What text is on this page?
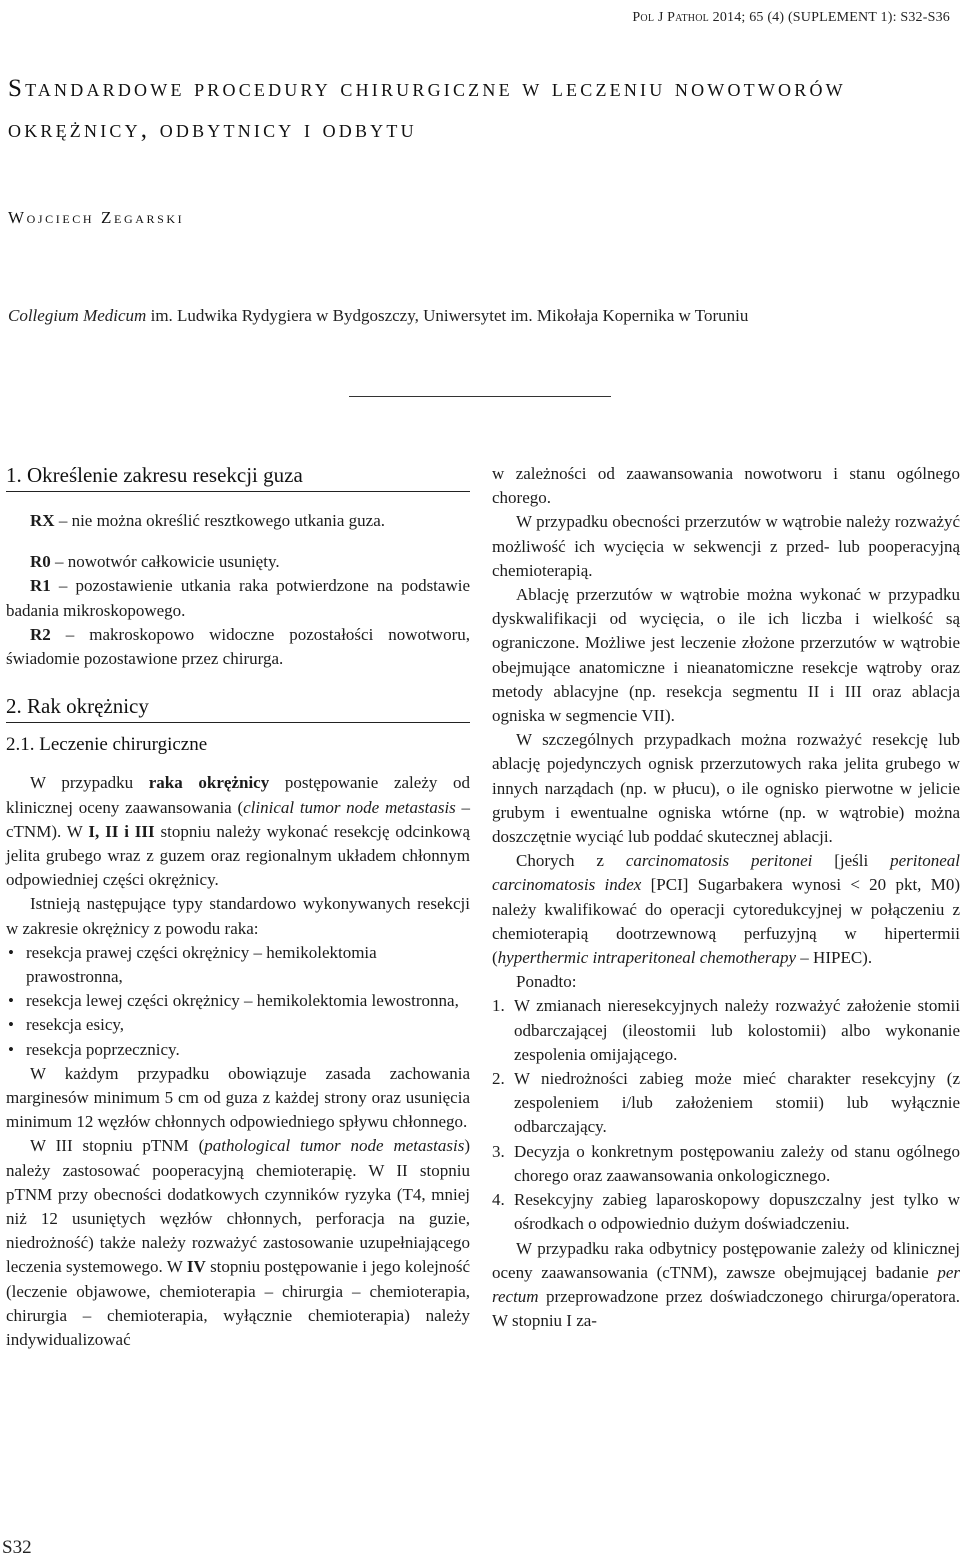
Pol J Pathol 2014; 65 (4) (SUPLEMENT 1): S32-S36
Standardowe procedury chirurgiczne w leczeniu nowotworów okrężnicy, odbytnicy i odbytu
Wojciech Zegarski
Collegium Medicum im. Ludwika Rydygiera w Bydgoszczy, Uniwersytet im. Mikołaja Kopernika w Toruniu
1. Określenie zakresu resekcji guza

RX – nie można określić resztkowego utkania guza.

R0 – nowotwór całkowicie usunięty.

R1 – pozostawienie utkania raka potwierdzone na podstawie badania mikroskopowego.

R2 – makroskopowo widoczne pozostałości nowotworu, świadomie pozostawione przez chirurga.

2. Rak okrężnicy
2.1. Leczenie chirurgiczne

W przypadku raka okrężnicy postępowanie zależy od klinicznej oceny zaawansowania (clinical tumor node metastasis – cTNM). W I, II i III stopniu należy wykonać resekcję odcinkową jelita grubego wraz z guzem oraz regionalnym układem chłonnym odpowiedniej części okrężnicy.

Istnieją następujące typy standardowo wykonywanych resekcji w zakresie okrężnicy z powodu raka:

• resekcja prawej części okrężnicy – hemikolektomia prawostronna,
• resekcja lewej części okrężnicy – hemikolektomia lewostronna,
• resekcja esicy,
• resekcja poprzecznicy.

W każdym przypadku obowiązuje zasada zachowania marginesów minimum 5 cm od guza z każdej strony oraz usunięcia minimum 12 węzłów chłonnych odpowiedniego spływu chłonnego.

W III stopniu pTNM (pathological tumor node metastasis) należy zastosować pooperacyjną chemioterapię. W II stopniu pTNM przy obecności dodatkowych czynników ryzyka (T4, mniej niż 12 usuniętych węzłów chłonnych, perforacja na guzie, niedrożność) także należy rozważyć zastosowanie uzupełniającego leczenia systemowego. W IV stopniu postępowanie i jego kolejność (leczenie objawowe, chemioterapia – chirurgia – chemioterapia, chirurgia – chemioterapia, wyłącznie chemioterapia) należy indywidualizować

w zależności od zaawansowania nowotworu i stanu ogólnego chorego.

W przypadku obecności przerzutów w wątrobie należy rozważyć możliwość ich wycięcia w sekwencji z przed- lub pooperacyjną chemioterapią.

Ablację przerzutów w wątrobie można wykonać w przypadku dyskwalifikacji od wycięcia, o ile ich liczba i wielkość są ograniczone. Możliwe jest leczenie złożone przerzutów w wątrobie obejmujące anatomiczne i nieanatomiczne resekcje wątroby oraz metody ablacyjne (np. resekcja segmentu II i III oraz ablacja ogniska w segmencie VII).

W szczególnych przypadkach można rozważyć resekcję lub ablację pojedynczych ognisk przerzutowych raka jelita grubego w innych narządach (np. w płucu), o ile ognisko pierwotne w jelicie grubym i ewentualne ogniska wtórne (np. w wątrobie) można doszczętnie wyciąć lub poddać skutecznej ablacji.

Chorych z carcinomatosis peritonei [jeśli peritoneal carcinomatosis index [PCI] Sugarbakera wynosi < 20 pkt, M0) należy kwalifikować do operacji cytoredukcyjnej w połączeniu z chemioterapią dootrzewnową perfuzyjną w hipertermii (hyperthermic intraperitoneal chemotherapy – HIPEC).

Ponadto:

1. W zmianach nieresekcyjnych należy rozważyć założenie stomii odbarczającej (ileostomii lub kolostomii) albo wykonanie zespolenia omijającego.
2. W niedrożności zabieg może mieć charakter resekcyjny (z zespoleniem i/lub założeniem stomii) lub wyłącznie odbarczający.
3. Decyzja o konkretnym postępowaniu zależy od stanu ogólnego chorego oraz zaawansowania onkologicznego.
4. Resekcyjny zabieg laparoskopowy dopuszczalny jest tylko w ośrodkach o odpowiednio dużym doświadczeniu.

W przypadku raka odbytnicy postępowanie zależy od klinicznej oceny zaawansowania (cTNM), zawsze obejmującej badanie per rectum przeprowadzone przez doświadczonego chirurga/operatora. W stopniu I za-

S32
